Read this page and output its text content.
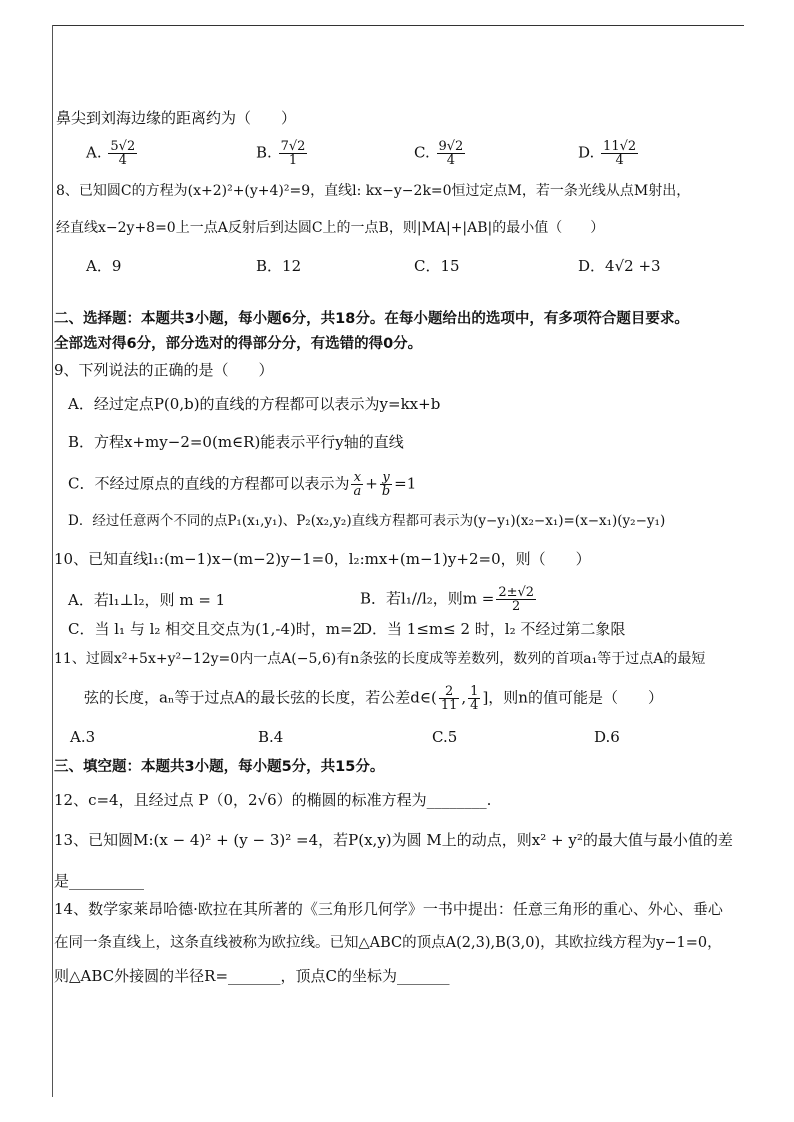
鼻尖到刘海边缘的距离约为（　　）
A. $\frac{5√2}{4}$	B. $\frac{7√2}{1}$	C. $\frac{9√2}{4}$	D. $\frac{11√2}{4}$
8、已知圆C的方程为(x+2)²+(y+4)²=9，直线l: kx−y−2k=0恒过定点M，若一条光线从点M射出，
经直线x−2y+8=0上一点A反射后到达圆C上的一点B，则|MA|+|AB|的最小值（　　）
A．9	B．12	C．15	D．4√2 +3
二、选择题：本题共3小题，每小题6分，共18分。在每小题给出的选项中，有多项符合题目要求。
全部选对得6分，部分选对的得部分分，有选错的得0分。
9、下列说法的正确的是（　　）
A．经过定点P(0,b)的直线的方程都可以表示为y=kx+b
B．方程x+my−2=0(m∈R)能表示平行y轴的直线
C．不经过原点的直线的方程都可以表示为 $\frac{x}{a} + \frac{y}{b} =1$
D．经过任意两个不同的点P₁(x₁,y₁)、P₂(x₂,y₂)直线方程都可表示为(y−y₁)(x₂−x₁)=(x−x₁)(y₂−y₁)
10、已知直线l₁:(m−1)x−(m−2)y−1=0，l₂:mx+(m−1)y+2=0，则（　　）
A．若l₁⊥l₂，则 m = 1	B．若l₁//l₂，则$m = \frac{2\pm√2}{2}$
C．当 l₁ 与 l₂ 相交且交点为(1,-4)时，m=2
D．当 1≤m≤ 2 时，l₂ 不经过第二象限
11、过圆x²+5x+y²−12y=0内一点A(−5,6)有n条弦的长度成等差数列，数列的首项a₁等于过点A的最短
弦的长度，aₙ等于过点A的最长弦的长度，若公差d∈( $\frac{2}{11}$ , $\frac{1}{4}$ ]，则n的值可能是（　　）
A.3	B.4	C.5	D.6
三、填空题：本题共3小题，每小题5分，共15分。
12、c=4，且经过点 P（0，2√6）的椭圆的标准方程为________.
13、已知圆M:(x − 4)² + (y − 3)² =4，若P(x,y)为圆 M上的动点，则x² + y²的最大值与最小值的差
是__________
14、数学家莱昂哈德·欧拉在其所著的《三角形几何学》一书中提出：任意三角形的重心、外心、垂心
在同一条直线上，这条直线被称为欧拉线。已知△ABC的顶点A(2,3),B(3,0)，其欧拉线方程为y−1=0，
则△ABC外接圆的半径R=_______，顶点C的坐标为_______
